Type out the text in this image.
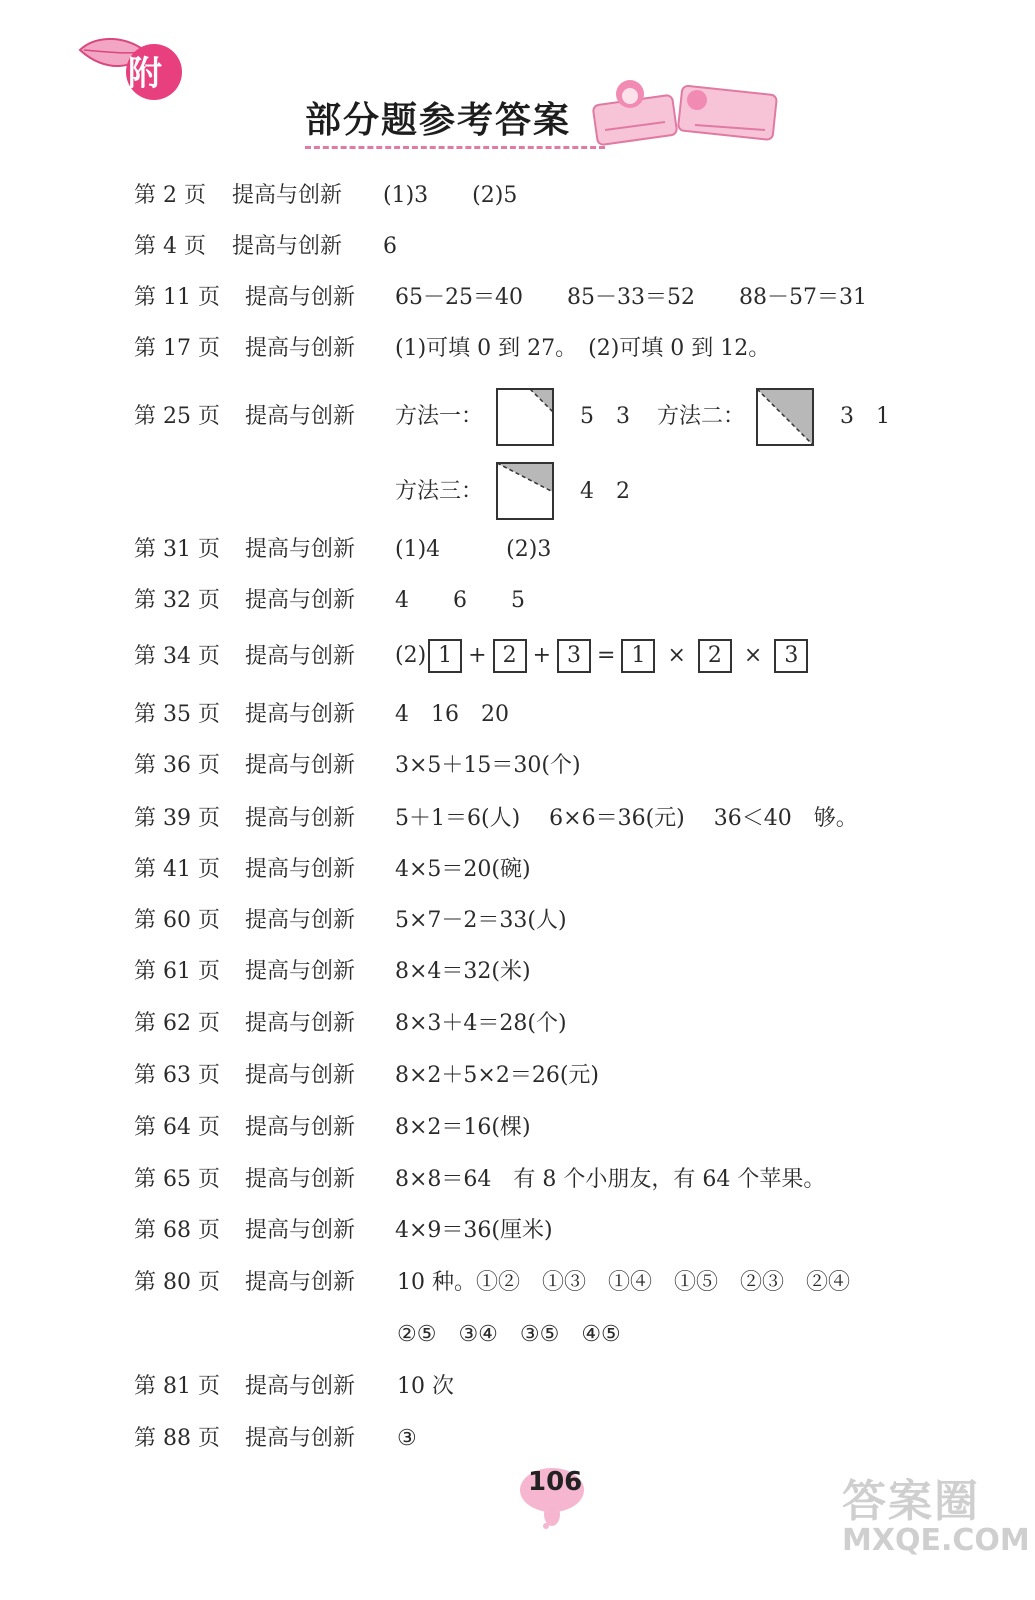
附
部分题参考答案
第 2 页 提高与创新 (1)3　　(2)5
第 4 页 提高与创新 6
第 11 页 提高与创新 65－25＝40　　85－33＝52　　88－57＝31
第 17 页 提高与创新 (1)可填 0 到 27。　(2)可填 0 到 12。
第 25 页 提高与创新 方法一：	5　3 方法二：	3　1
方法三：	4　2
第 31 页 提高与创新 (1)4　　　(2)3
第 32 页 提高与创新 4　　6　　5
第 34 页 提高与创新 (2) 1 + 2 + 3 = 1 × 2 × 3
第 35 页 提高与创新 4　16　20
第 36 页 提高与创新 3×5＋15＝30(个)
第 39 页 提高与创新 5＋1＝6(人)　 6×6＝36(元)　 36＜40　够。
第 41 页 提高与创新 4×5＝20(碗)
第 60 页 提高与创新 5×7－2＝33(人)
第 61 页 提高与创新 8×4＝32(米)
第 62 页 提高与创新 8×3＋4＝28(个)
第 63 页 提高与创新 8×2＋5×2＝26(元)
第 64 页 提高与创新 8×2＝16(棵)
第 65 页 提高与创新 8×8＝64　有 8 个小朋友，有 64 个苹果。
第 68 页 提高与创新 4×9＝36(厘米)
第 80 页 提高与创新 10 种。①②　①③　①④　①⑤　②③　②④
②⑤　③④　③⑤　④⑤
第 81 页 提高与创新 10 次
第 88 页 提高与创新 ③
106	答案圈
MXQE.COM
